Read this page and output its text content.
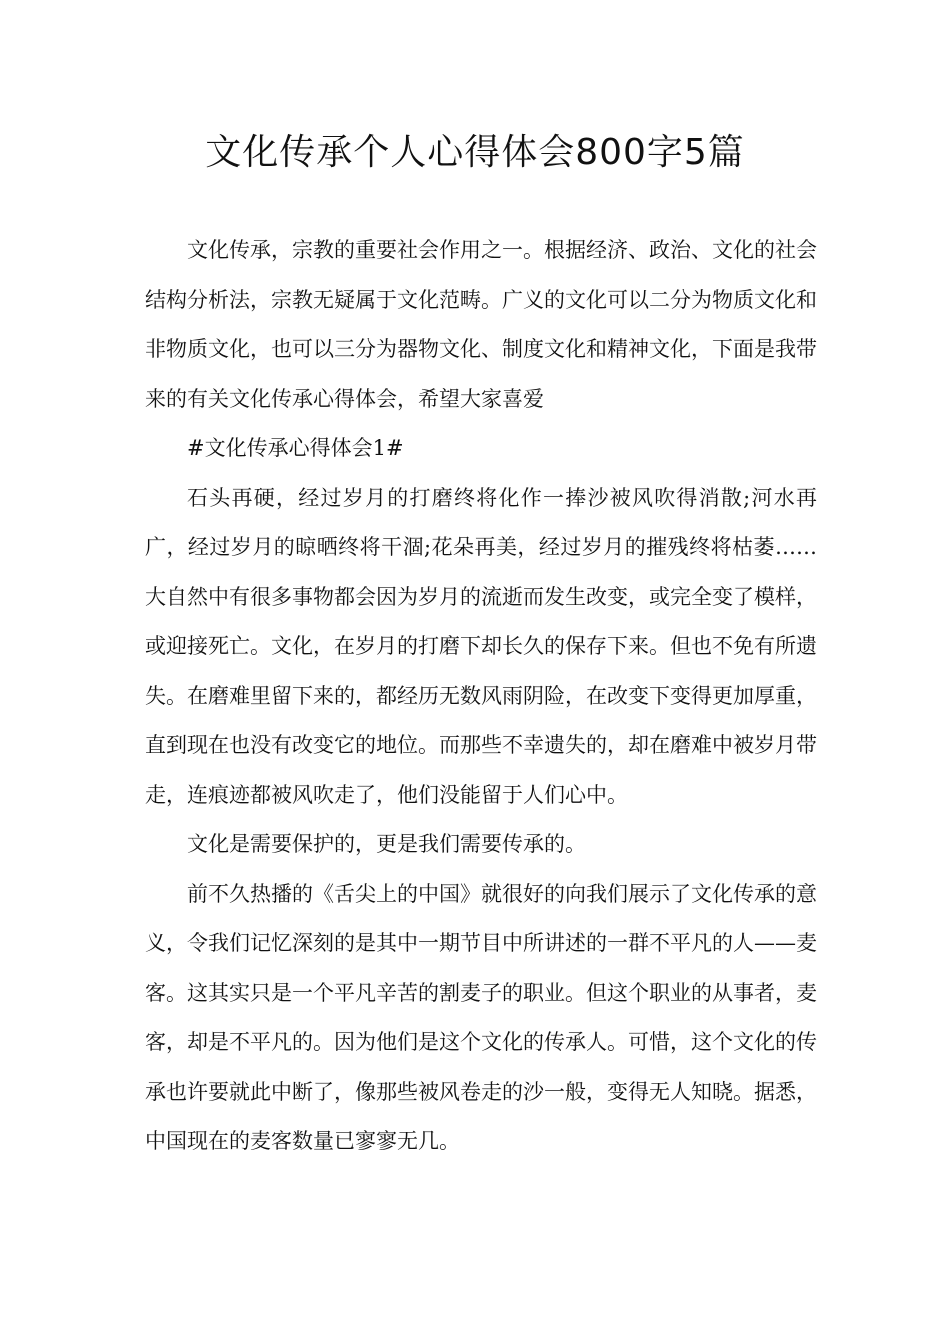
文化传承个人心得体会800字5篇

文化传承，宗教的重要社会作用之一。根据经济、政治、文化的社会结构分析法，宗教无疑属于文化范畴。广义的文化可以二分为物质文化和非物质文化，也可以三分为器物文化、制度文化和精神文化，下面是我带来的有关文化传承心得体会，希望大家喜爱

#文化传承心得体会1#

石头再硬，经过岁月的打磨终将化作一捧沙被风吹得消散;河水再广，经过岁月的晾晒终将干涸;花朵再美，经过岁月的摧残终将枯萎……大自然中有很多事物都会因为岁月的流逝而发生改变，或完全变了模样，或迎接死亡。文化，在岁月的打磨下却长久的保存下来。但也不免有所遗失。在磨难里留下来的，都经历无数风雨阴险，在改变下变得更加厚重，直到现在也没有改变它的地位。而那些不幸遗失的，却在磨难中被岁月带走，连痕迹都被风吹走了，他们没能留于人们心中。

文化是需要保护的，更是我们需要传承的。

前不久热播的《舌尖上的中国》就很好的向我们展示了文化传承的意义，令我们记忆深刻的是其中一期节目中所讲述的一群不平凡的人——麦客。这其实只是一个平凡辛苦的割麦子的职业。但这个职业的从事者，麦客，却是不平凡的。因为他们是这个文化的传承人。可惜，这个文化的传承也许要就此中断了，像那些被风卷走的沙一般，变得无人知晓。据悉，中国现在的麦客数量已寥寥无几。
